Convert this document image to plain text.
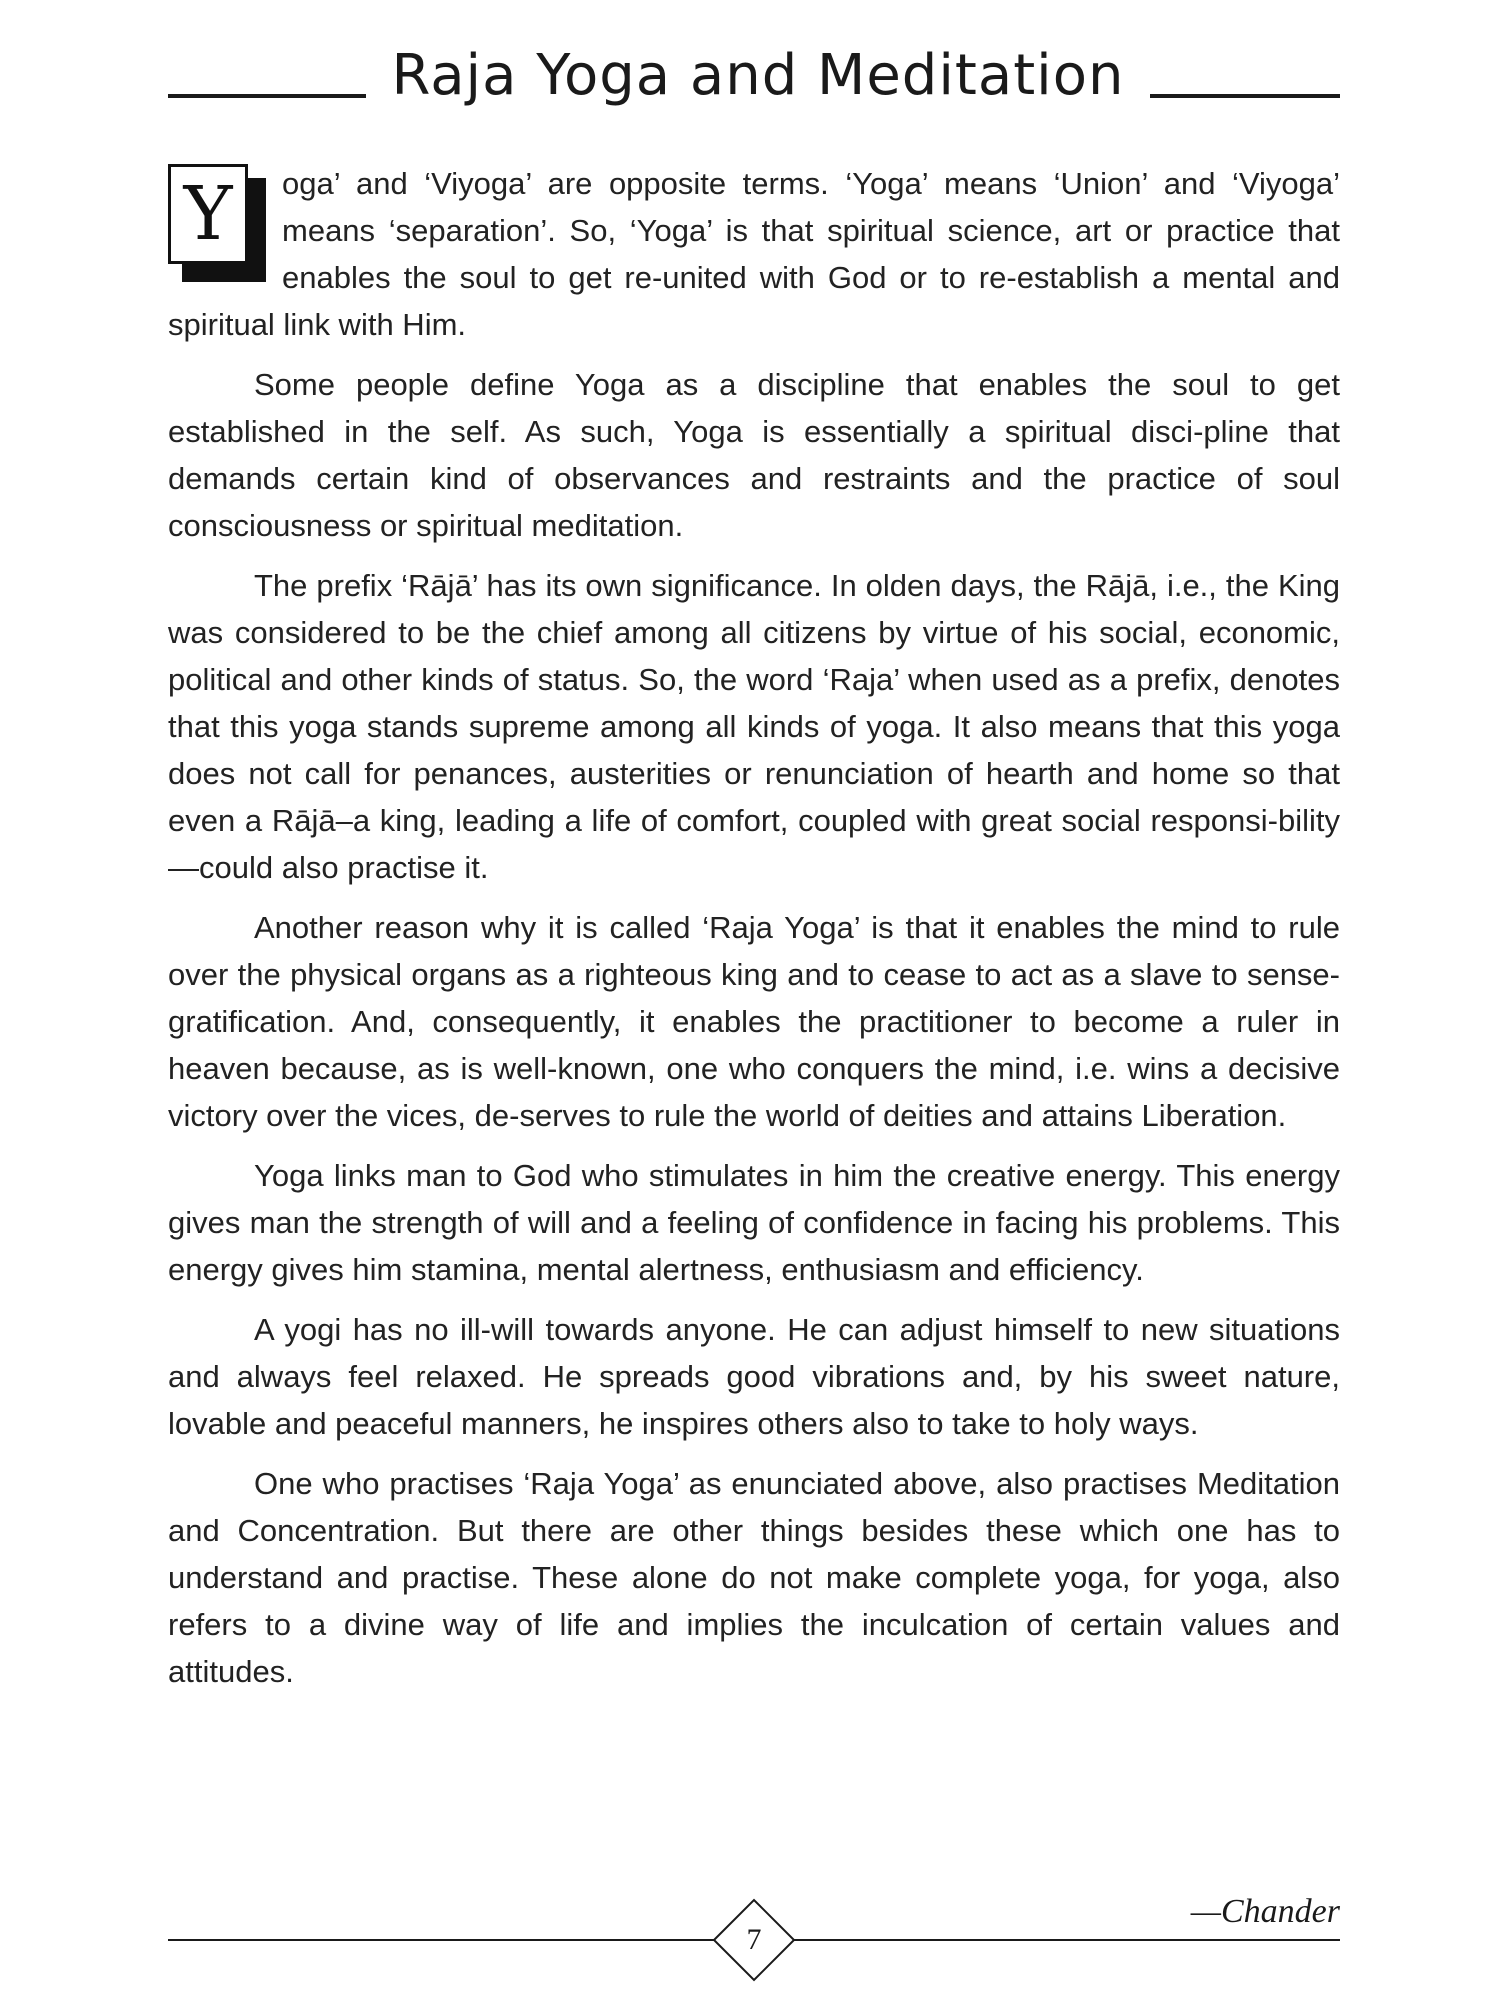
Raja Yoga and Meditation

Y	oga’ and ‘Viyoga’ are opposite terms. ‘Yoga’ means ‘Union’ and ‘Viyoga’ means ‘separation’. So, ‘Yoga’ is that spiritual science, art or practice that enables the soul to get re-united with God or to re-establish a mental and spiritual link with Him.

Some people define Yoga as a discipline that enables the soul to get established in the self. As such, Yoga is essentially a spiritual disci-pline that demands certain kind of observances and restraints and the practice of soul consciousness or spiritual meditation.

The prefix ‘Rājā’ has its own significance. In olden days, the Rājā, i.e., the King was considered to be the chief among all citizens by virtue of his social, economic, political and other kinds of status. So, the word ‘Raja’ when used as a prefix, denotes that this yoga stands supreme among all kinds of yoga. It also means that this yoga does not call for penances, austerities or renunciation of hearth and home so that even a Rājā–a king, leading a life of comfort, coupled with great social responsi-bility—could also practise it.

Another reason why it is called ‘Raja Yoga’ is that it enables the mind to rule over the physical organs as a righteous king and to cease to act as a slave to sense-gratification. And, consequently, it enables the practitioner to become a ruler in heaven because, as is well-known, one who conquers the mind, i.e. wins a decisive victory over the vices, de-serves to rule the world of deities and attains Liberation.

Yoga links man to God who stimulates in him the creative energy. This energy gives man the strength of will and a feeling of confidence in facing his problems. This energy gives him stamina, mental alertness, enthusiasm and efficiency.

A yogi has no ill-will towards anyone. He can adjust himself to new situations and always feel relaxed. He spreads good vibrations and, by his sweet nature, lovable and peaceful manners, he inspires others also to take to holy ways.

One who practises ‘Raja Yoga’ as enunciated above, also practises Meditation and Concentration. But there are other things besides these which one has to understand and practise. These alone do not make complete yoga, for yoga, also refers to a divine way of life and implies the inculcation of certain values and attitudes.

—Chander
7
